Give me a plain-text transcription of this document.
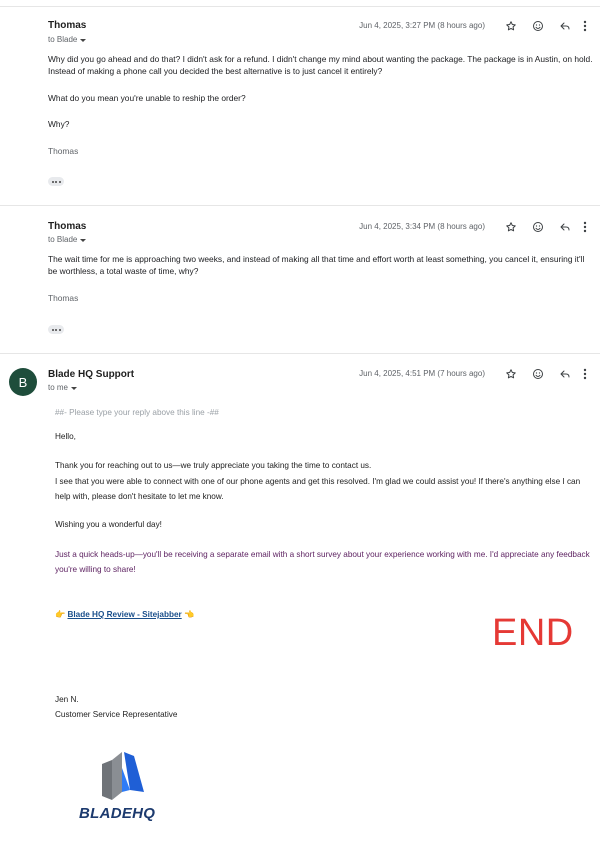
Thomas
to Blade
Jun 4, 2025, 3:27 PM (8 hours ago)
Why did you go ahead and do that? I didn't ask for a refund. I didn't change my mind about wanting the package. The package is in Austin, on hold. Instead of making a phone call you decided the best alternative is to just cancel it entirely?
What do you mean you're unable to reship the order?
Why?
Thomas
Thomas
to Blade
Jun 4, 2025, 3:34 PM (8 hours ago)
The wait time for me is approaching two weeks, and instead of making all that time and effort worth at least something, you cancel it, ensuring it'll be worthless, a total waste of time, why?
Thomas
B	Blade HQ Support
to me
Jun 4, 2025, 4:51 PM (7 hours ago)
##- Please type your reply above this line -##
Hello,
Thank you for reaching out to us—we truly appreciate you taking the time to contact us.
I see that you were able to connect with one of our phone agents and get this resolved. I'm glad we could assist you! If there's anything else I can help with, please don't hesitate to let me know.
Wishing you a wonderful day!
Just a quick heads-up—you'll be receiving a separate email with a short survey about your experience working with me. I'd appreciate any feedback you're willing to share!
👉 Blade HQ Review - Sitejabber 👈
Jen N.
Customer Service Representative
BLADEHQ
END
